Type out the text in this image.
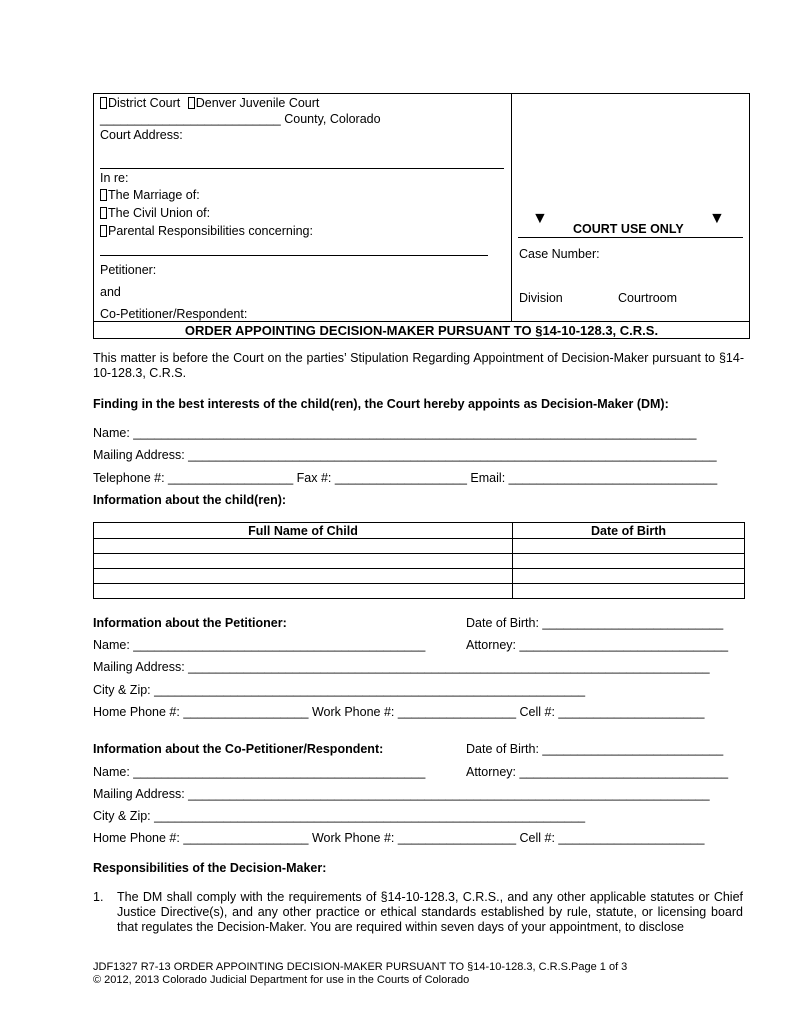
District Court Denver Juvenile Court
__________________________ County, Colorado
Court Address:
In re:
The Marriage of:
The Civil Union of:
Parental Responsibilities concerning:
Petitioner:
and
Co-Petitioner/Respondent:
▼
COURT USE ONLY
▼
Case Number:
Division	Courtroom
ORDER APPOINTING DECISION-MAKER PURSUANT TO §14-10-128.3, C.R.S.
This matter is before the Court on the parties’ Stipulation Regarding Appointment of Decision-Maker pursuant to §14-10-128.3, C.R.S.
Finding in the best interests of the child(ren), the Court hereby appoints as Decision-Maker (DM):
Name: _________________________________________________________________________________
Mailing Address: ____________________________________________________________________________
Telephone #: __________________ Fax #: ___________________ Email: ______________________________
Information about the child(ren):
Full Name of Child	Date of Birth

Information about the Petitioner:	Date of Birth: __________________________
Name: __________________________________________	Attorney: ______________________________
Mailing Address: ___________________________________________________________________________
City & Zip: ______________________________________________________________
Home Phone #: __________________ Work Phone #: _________________ Cell #: _____________________
Information about the Co-Petitioner/Respondent:	Date of Birth: __________________________
Name: __________________________________________	Attorney: ______________________________
Mailing Address: ___________________________________________________________________________
City & Zip: ______________________________________________________________
Home Phone #: __________________ Work Phone #: _________________ Cell #: _____________________
Responsibilities of the Decision-Maker:
1. The DM shall comply with the requirements of §14-10-128.3, C.R.S., and any other applicable statutes or Chief Justice Directive(s), and any other practice or ethical standards established by rule, statute, or licensing board that regulates the Decision-Maker. You are required within seven days of your appointment, to disclose
JDF1327 R7-13 ORDER APPOINTING DECISION-MAKER PURSUANT TO §14-10-128.3, C.R.S.Page 1 of 3
© 2012, 2013 Colorado Judicial Department for use in the Courts of Colorado
